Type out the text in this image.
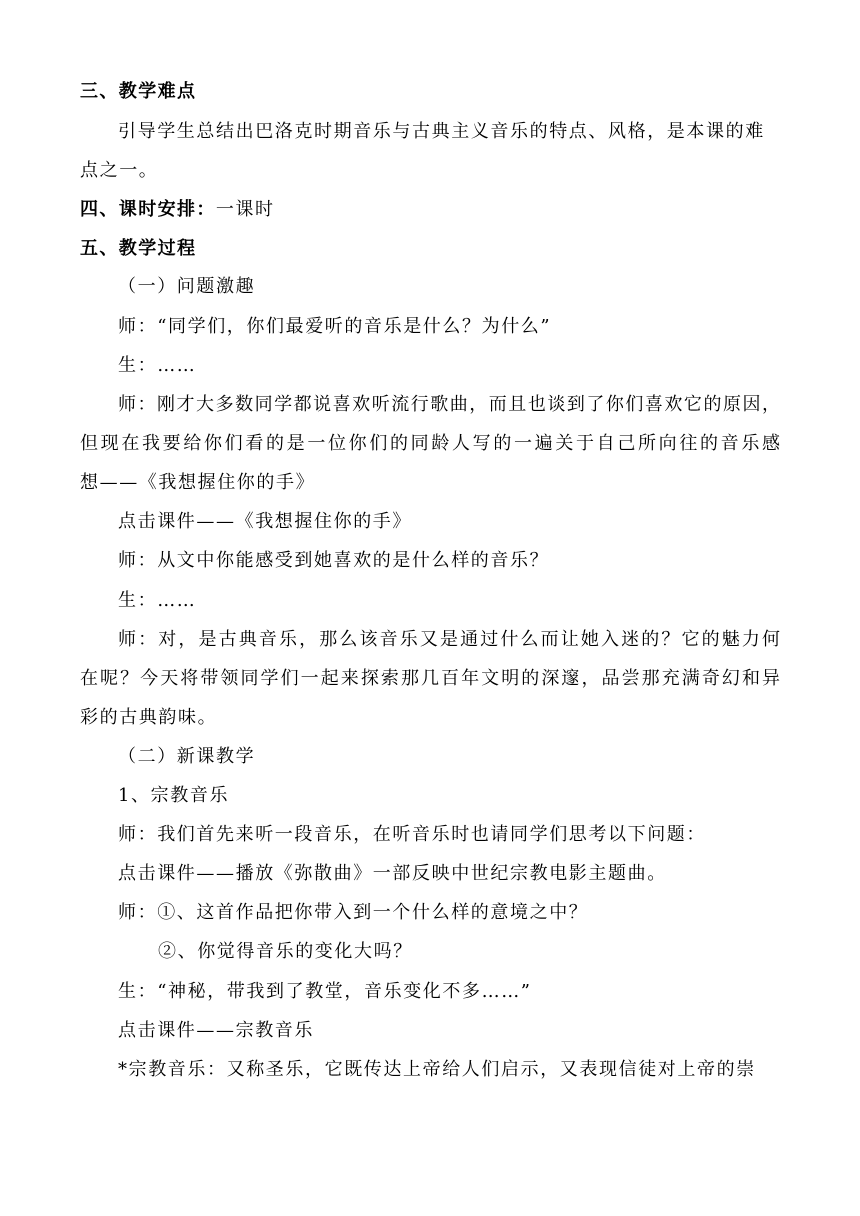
三、教学难点
引导学生总结出巴洛克时期音乐与古典主义音乐的特点、风格，是本课的难
点之一。
四、课时安排：一课时
五、教学过程
（一）问题激趣
师：“同学们，你们最爱听的音乐是什么？为什么”
生：……
师：刚才大多数同学都说喜欢听流行歌曲，而且也谈到了你们喜欢它的原因，
但现在我要给你们看的是一位你们的同龄人写的一遍关于自己所向往的音乐感
想——《我想握住你的手》
点击课件——《我想握住你的手》
师：从文中你能感受到她喜欢的是什么样的音乐？
生：……
师：对，是古典音乐，那么该音乐又是通过什么而让她入迷的？它的魅力何
在呢？今天将带领同学们一起来探索那几百年文明的深邃，品尝那充满奇幻和异
彩的古典韵味。
（二）新课教学
1、宗教音乐
师：我们首先来听一段音乐，在听音乐时也请同学们思考以下问题：
点击课件——播放《弥散曲》一部反映中世纪宗教电影主题曲。
师：①、这首作品把你带入到一个什么样的意境之中？
②、你觉得音乐的变化大吗？
生：“神秘，带我到了教堂，音乐变化不多……”
点击课件——宗教音乐
*宗教音乐：又称圣乐，它既传达上帝给人们启示，又表现信徒对上帝的崇
